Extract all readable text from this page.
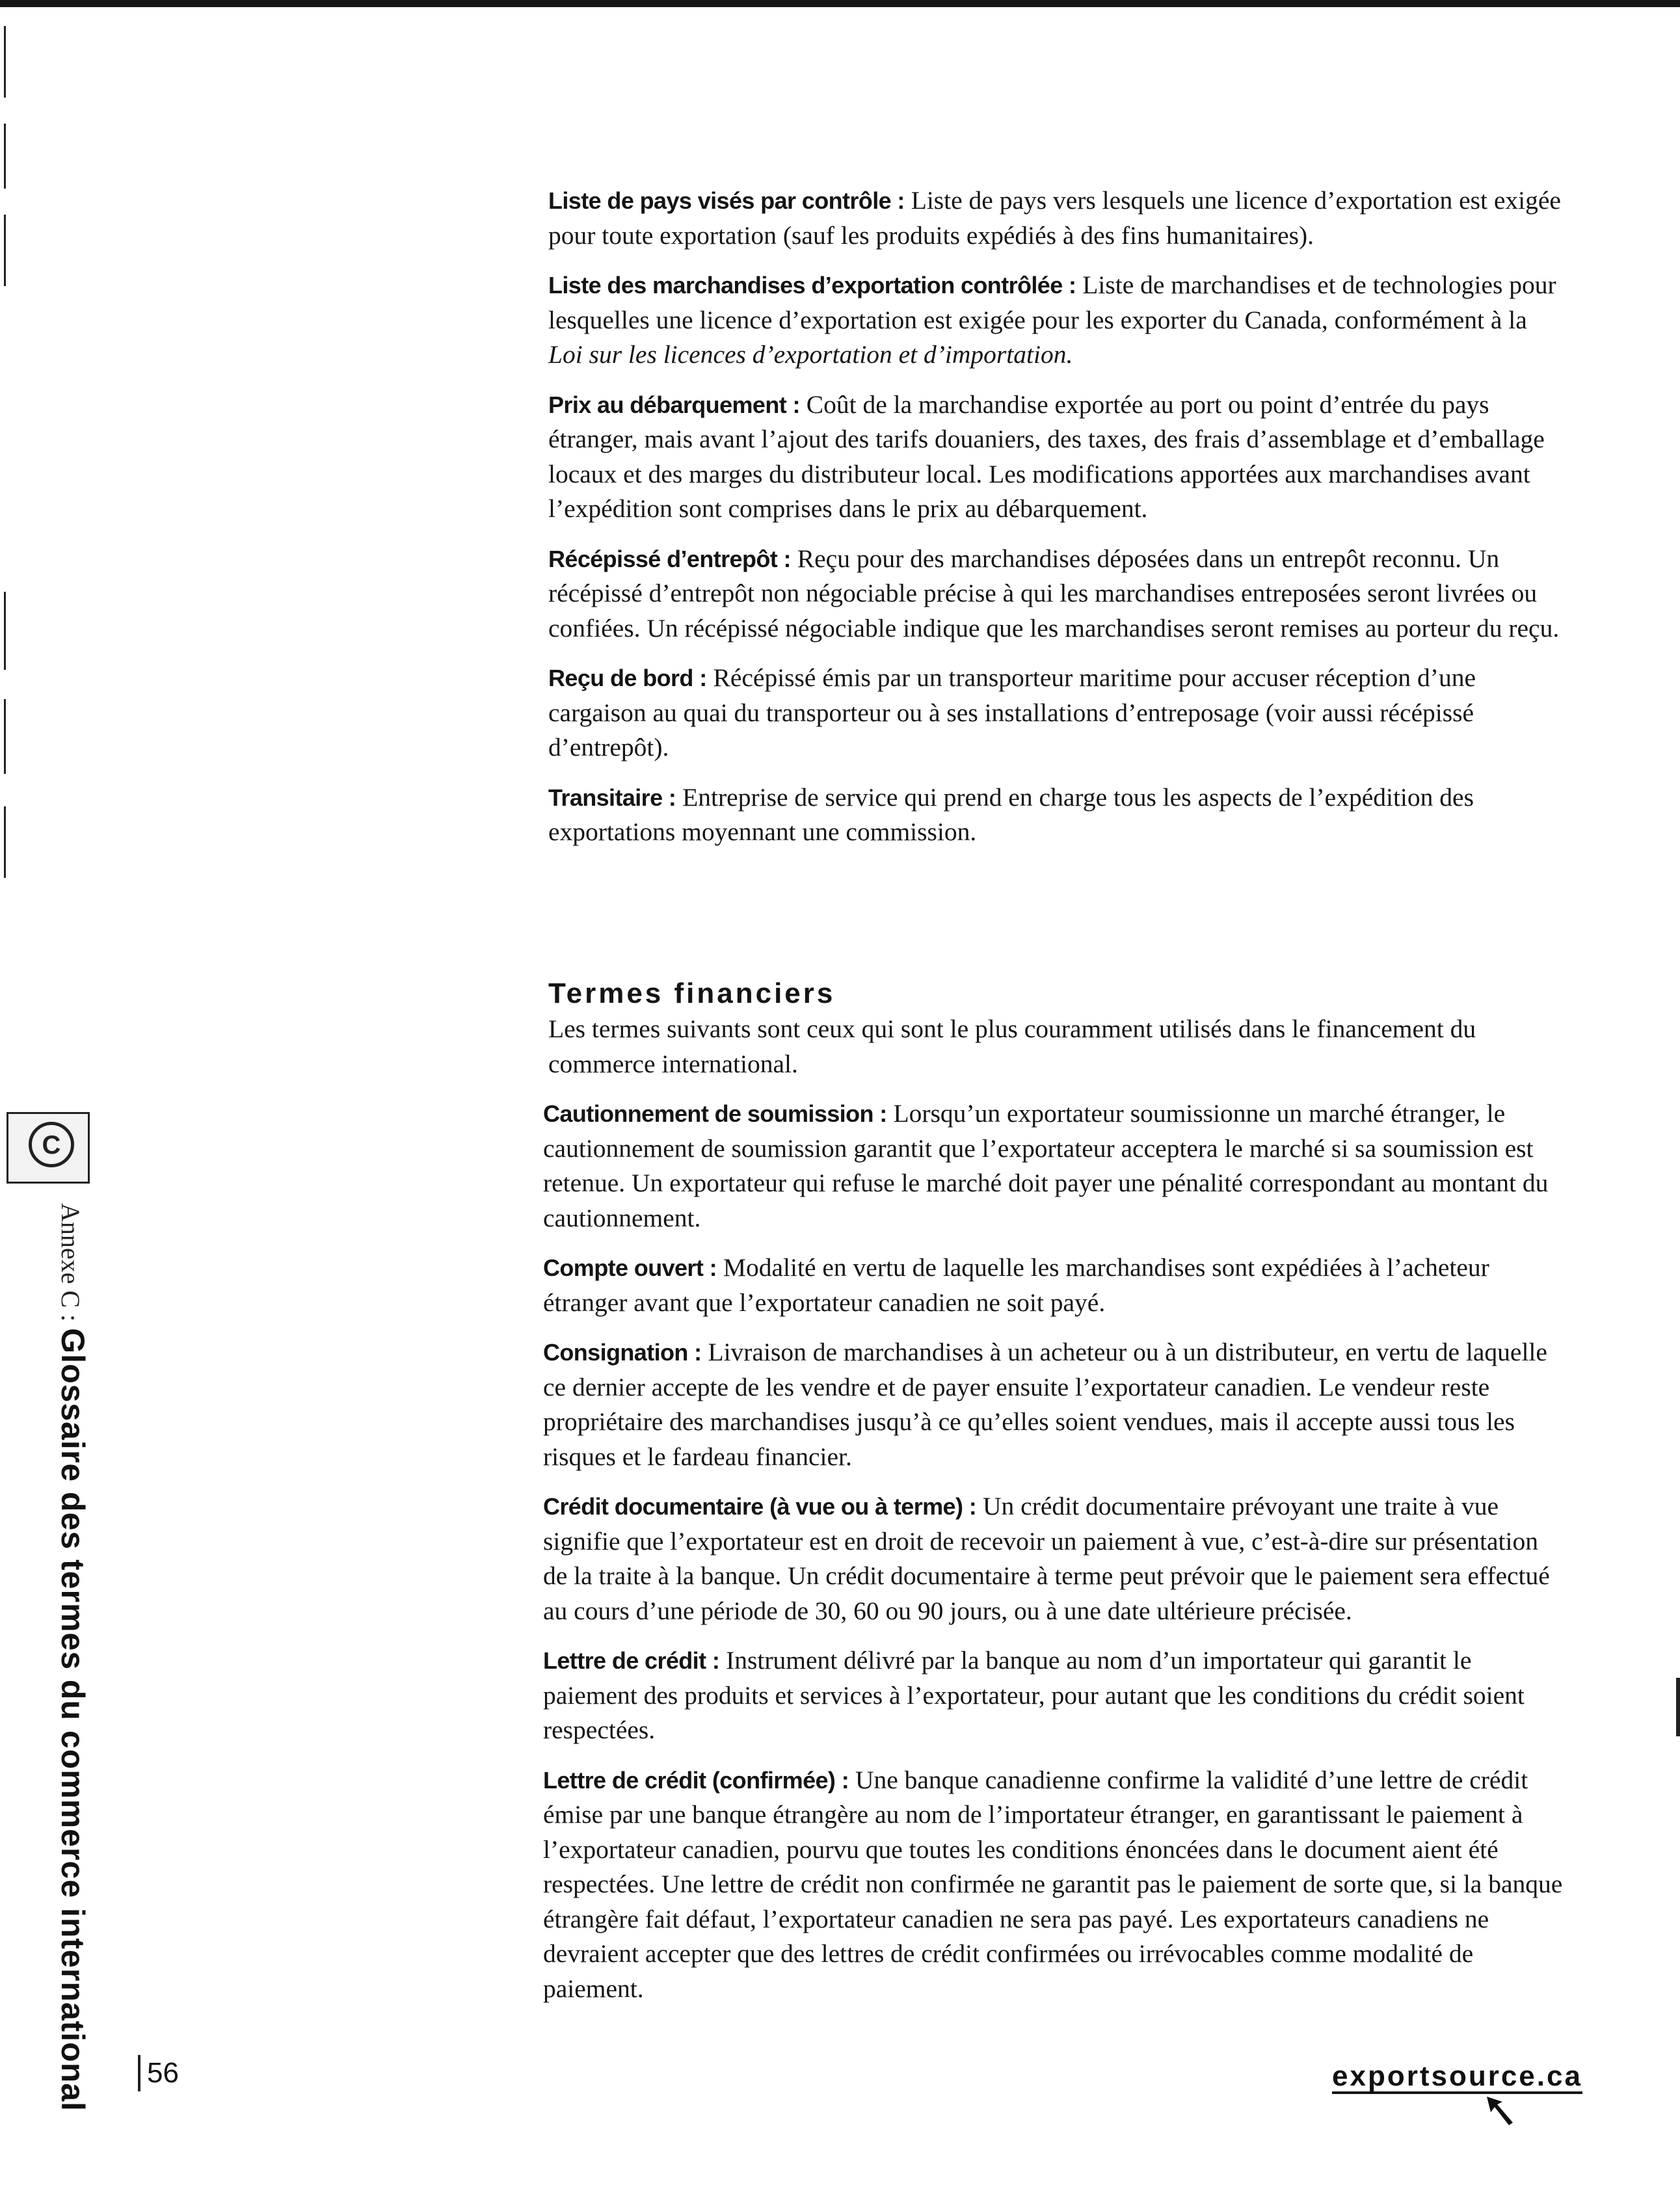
Liste de pays visés par contrôle : Liste de pays vers lesquels une licence d’exportation est exigée pour toute exportation (sauf les produits expédiés à des fins humanitaires).

Liste des marchandises d’exportation contrôlée : Liste de marchandises et de technologies pour lesquelles une licence d’exportation est exigée pour les exporter du Canada, conformément à la Loi sur les licences d’exportation et d’importation.

Prix au débarquement : Coût de la marchandise exportée au port ou point d’entrée du pays étranger, mais avant l’ajout des tarifs douaniers, des taxes, des frais d’assemblage et d’emballage locaux et des marges du distributeur local. Les modifications apportées aux marchandises avant l’expédition sont comprises dans le prix au débarquement.

Récépissé d’entrepôt : Reçu pour des marchandises déposées dans un entrepôt reconnu. Un récépissé d’entrepôt non négociable précise à qui les marchandises entreposées seront livrées ou confiées. Un récépissé négociable indique que les marchandises seront remises au porteur du reçu.

Reçu de bord : Récépissé émis par un transporteur maritime pour accuser réception d’une cargaison au quai du transporteur ou à ses installations d’entreposage (voir aussi récépissé d’entrepôt).

Transitaire : Entreprise de service qui prend en charge tous les aspects de l’expédition des exportations moyennant une commission.

Termes financiers

Les termes suivants sont ceux qui sont le plus couramment utilisés dans le financement du commerce international.

Cautionnement de soumission : Lorsqu’un exportateur soumissionne un marché étranger, le cautionnement de soumission garantit que l’exportateur acceptera le marché si sa soumission est retenue. Un exportateur qui refuse le marché doit payer une pénalité correspondant au montant du cautionnement.

Compte ouvert : Modalité en vertu de laquelle les marchandises sont expédiées à l’acheteur étranger avant que l’exportateur canadien ne soit payé.

Consignation : Livraison de marchandises à un acheteur ou à un distributeur, en vertu de laquelle ce dernier accepte de les vendre et de payer ensuite l’exportateur canadien. Le vendeur reste propriétaire des marchandises jusqu’à ce qu’elles soient vendues, mais il accepte aussi tous les risques et le fardeau financier.

Crédit documentaire (à vue ou à terme) : Un crédit documentaire prévoyant une traite à vue signifie que l’exportateur est en droit de recevoir un paiement à vue, c’est-à-dire sur présentation de la traite à la banque. Un crédit documentaire à terme peut prévoir que le paiement sera effectué au cours d’une période de 30, 60 ou 90 jours, ou à une date ultérieure précisée.

Lettre de crédit : Instrument délivré par la banque au nom d’un importateur qui garantit le paiement des produits et services à l’exportateur, pour autant que les conditions du crédit soient respectées.

Lettre de crédit (confirmée) : Une banque canadienne confirme la validité d’une lettre de crédit émise par une banque étrangère au nom de l’importateur étranger, en garantissant le paiement à l’exportateur canadien, pourvu que toutes les conditions énoncées dans le document aient été respectées. Une lettre de crédit non confirmée ne garantit pas le paiement de sorte que, si la banque étrangère fait défaut, l’exportateur canadien ne sera pas payé. Les exportateurs canadiens ne devraient accepter que des lettres de crédit confirmées ou irrévocables comme modalité de paiement.

C
Annexe C : Glossaire des termes du commerce international	56	exportsource.ca
